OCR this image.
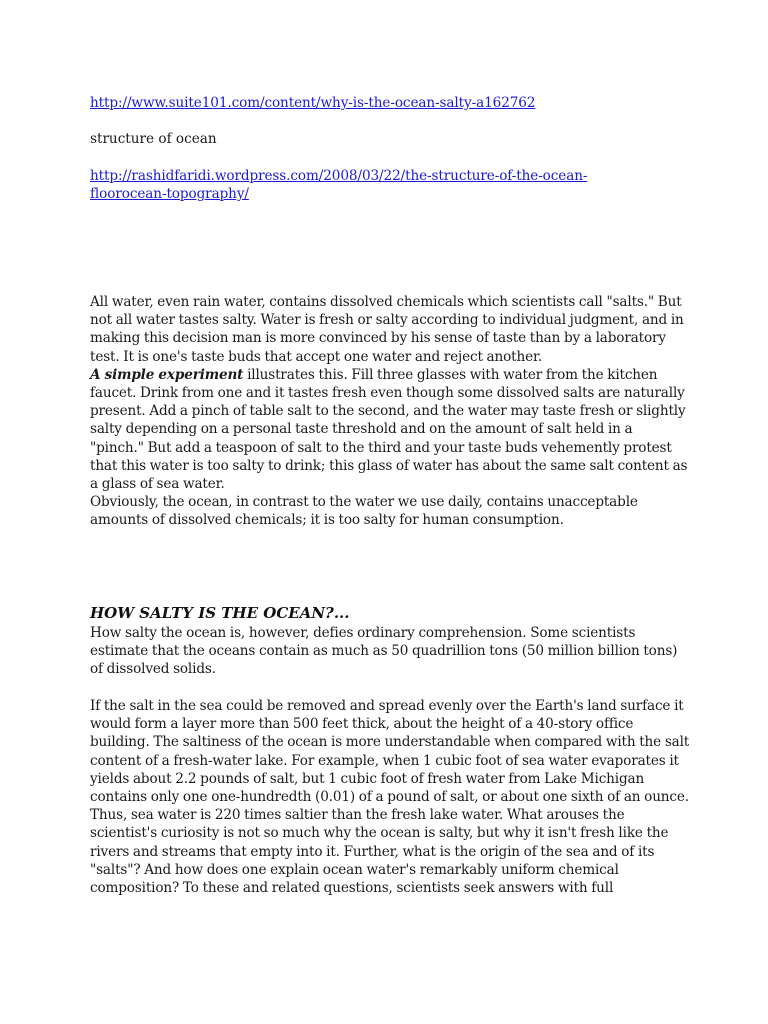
http://www.suite101.com/content/why-is-the-ocean-salty-a162762
structure of ocean
http://rashidfaridi.wordpress.com/2008/03/22/the-structure-of-the-ocean-
floorocean-topography/

All water, even rain water, contains dissolved chemicals which scientists call "salts." But not all water tastes salty. Water is fresh or salty according to individual judgment, and in making this decision man is more convinced by his sense of taste than by a laboratory test. It is one's taste buds that accept one water and reject another.

A simple experiment illustrates this. Fill three glasses with water from the kitchen faucet. Drink from one and it tastes fresh even though some dissolved salts are naturally present. Add a pinch of table salt to the second, and the water may taste fresh or slightly salty depending on a personal taste threshold and on the amount of salt held in a "pinch." But add a teaspoon of salt to the third and your taste buds vehemently protest that this water is too salty to drink; this glass of water has about the same salt content as a glass of sea water.

Obviously, the ocean, in contrast to the water we use daily, contains unacceptable amounts of dissolved chemicals; it is too salty for human consumption.

HOW SALTY IS THE OCEAN?...

How salty the ocean is, however, defies ordinary comprehension. Some scientists estimate that the oceans contain as much as 50 quadrillion tons (50 million billion tons) of dissolved solids.

If the salt in the sea could be removed and spread evenly over the Earth's land surface it would form a layer more than 500 feet thick, about the height of a 40-story office building. The saltiness of the ocean is more understandable when compared with the salt content of a fresh-water lake. For example, when 1 cubic foot of sea water evaporates it yields about 2.2 pounds of salt, but 1 cubic foot of fresh water from Lake Michigan contains only one one-hundredth (0.01) of a pound of salt, or about one sixth of an ounce. Thus, sea water is 220 times saltier than the fresh lake water. What arouses the scientist's curiosity is not so much why the ocean is salty, but why it isn't fresh like the rivers and streams that empty into it. Further, what is the origin of the sea and of its "salts"? And how does one explain ocean water's remarkably uniform chemical composition? To these and related questions, scientists seek answers with full
